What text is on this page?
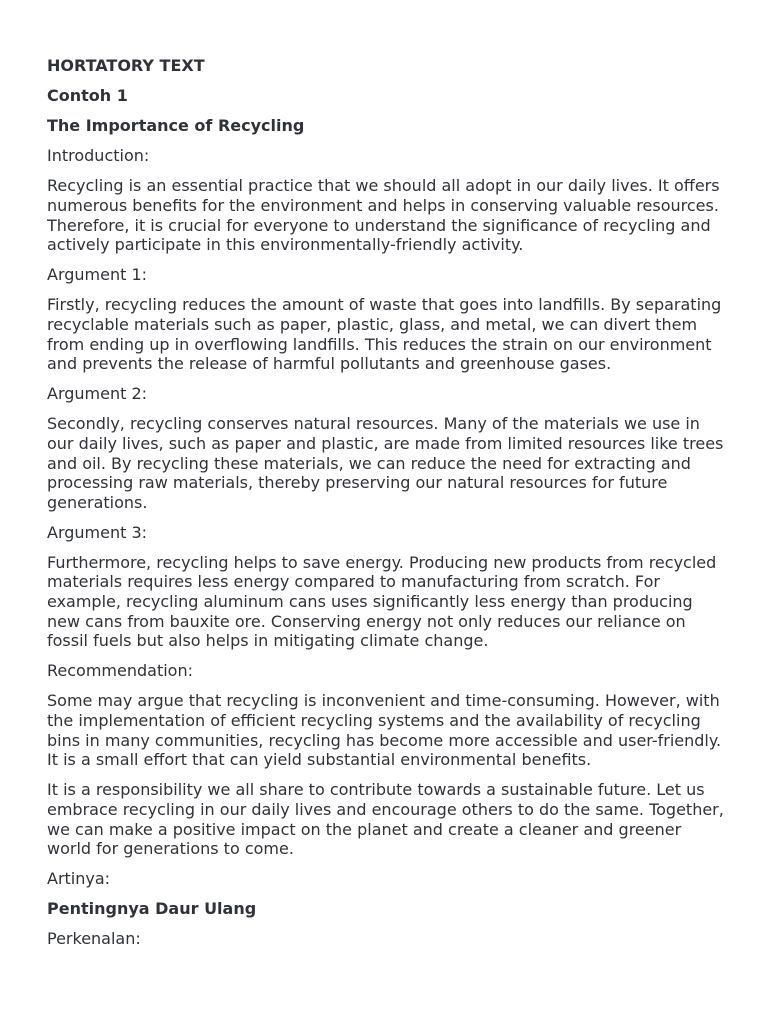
HORTATORY TEXT

Contoh 1

The Importance of Recycling

Introduction:

Recycling is an essential practice that we should all adopt in our daily lives. It offers numerous benefits for the environment and helps in conserving valuable resources. Therefore, it is crucial for everyone to understand the significance of recycling and actively participate in this environmentally-friendly activity.

Argument 1:

Firstly, recycling reduces the amount of waste that goes into landfills. By separating recyclable materials such as paper, plastic, glass, and metal, we can divert them from ending up in overflowing landfills. This reduces the strain on our environment and prevents the release of harmful pollutants and greenhouse gases.

Argument 2:

Secondly, recycling conserves natural resources. Many of the materials we use in our daily lives, such as paper and plastic, are made from limited resources like trees and oil. By recycling these materials, we can reduce the need for extracting and processing raw materials, thereby preserving our natural resources for future generations.

Argument 3:

Furthermore, recycling helps to save energy. Producing new products from recycled materials requires less energy compared to manufacturing from scratch. For example, recycling aluminum cans uses significantly less energy than producing new cans from bauxite ore. Conserving energy not only reduces our reliance on fossil fuels but also helps in mitigating climate change.

Recommendation:

Some may argue that recycling is inconvenient and time-consuming. However, with the implementation of efficient recycling systems and the availability of recycling bins in many communities, recycling has become more accessible and user-friendly. It is a small effort that can yield substantial environmental benefits.

It is a responsibility we all share to contribute towards a sustainable future. Let us embrace recycling in our daily lives and encourage others to do the same. Together, we can make a positive impact on the planet and create a cleaner and greener world for generations to come.

Artinya:

Pentingnya Daur Ulang

Perkenalan:
